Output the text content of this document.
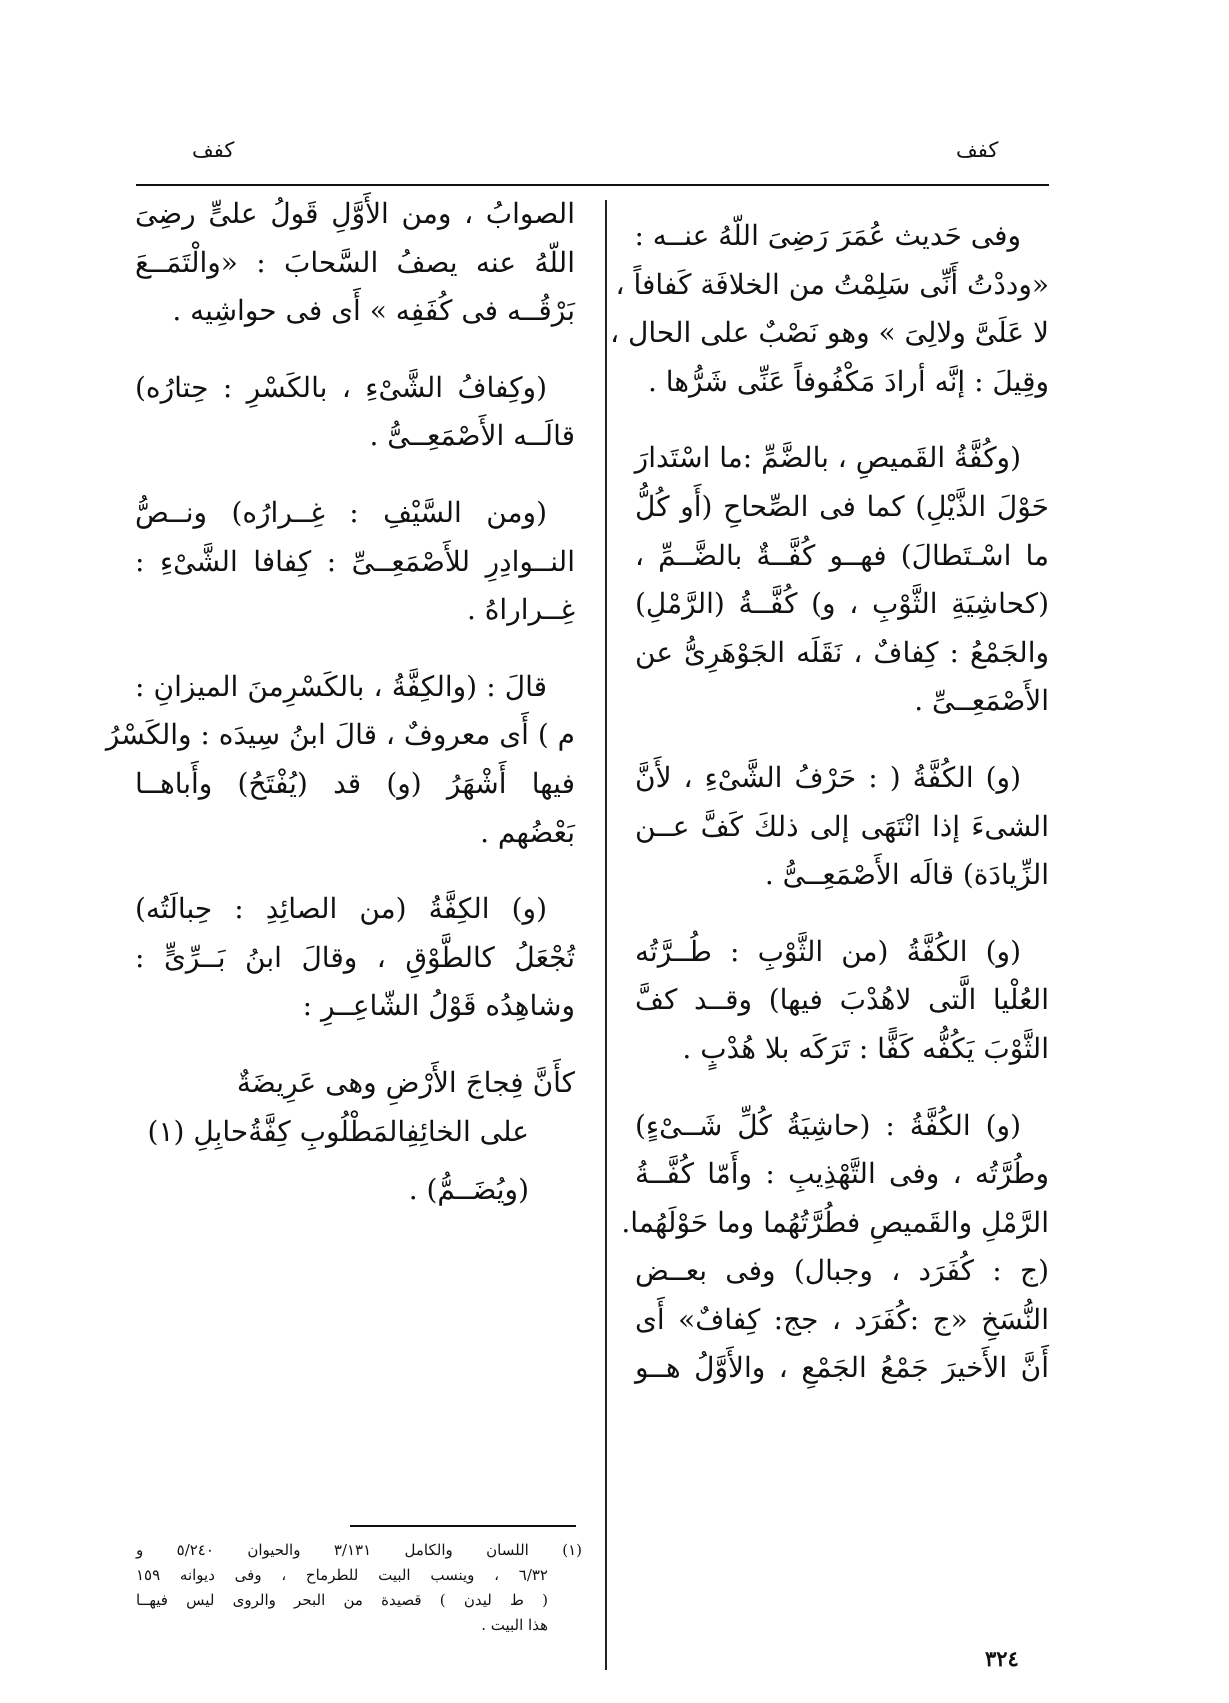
كفف
كفف

وفى حَديث عُمَرَ رَضِىَ اللّهُ عنــه :
«وددْتُ أَنِّى سَلِمْتُ من الخلافَة كَفافاً ،
لا عَلَىَّ ولالِىَ » وهو نَصْبٌ على الحال ،
وقِيلَ : إنَّه أرادَ مَكْفُوفاً عَنِّى شَرُّها .

(وكُفَّةُ القَميصِ ، بالضَّمِّ :ما اسْتَدارَ
حَوْلَ الذَّيْلِ) كما فى الصِّحاحِ (أَو كُلُّ
ما اسْـتَطالَ) فهــو كُفَّــةٌ بالضَّــمِّ ،
(كحاشِيَةِ الثَّوْبِ ، و) كُفَّــةُ (الرَّمْلِ)
والجَمْعُ : كِفافٌ ، نَقَلَه الجَوْهَرِىُّ عن
الأَصْمَعِــىِّ .

(و) الكُفَّةُ ( : حَرْفُ الشَّىْءِ ، لأَنَّ
الشىءَ إذا انْتَهَى إلى ذلكَ كَفَّ عــن
الزِّيادَة) قالَه الأَصْمَعِــىُّ .

(و) الكُفَّةُ (من الثَّوْبِ : طُــرَّتُه
العُلْيا الَّتى لاهُدْبَ فيها) وقــد كفَّ
الثَّوْبَ يَكُفُّه كَفًّا : تَرَكَه بلا هُدْبٍ .

(و) الكُفَّةُ : (حاشِيَةُ كُلِّ شَــىْءٍ)
وطُرَّتُه ، وفى التَّهْذِيبِ : وأَمّا كُفَّــةُ
الرَّمْلِ والقَميصِ فطُرَّتُهُما وما حَوْلَهُما.
(ج : كُفَرَد ، وجبال) وفى بعــض
النُّسَخِ «ج :كُفَرَد ، جج: كِفافٌ» أَى
أَنَّ الأَخيرَ جَمْعُ الجَمْعِ ، والأَوَّلُ هــو

الصوابُ ، ومن الأَوَّلِ قَولُ علىٍّ رضِىَ
اللّهُ عنه يصفُ السَّحابَ : «والْتَمَــعَ
بَرْقُــه فى كُفَفِه » أَى فى حواشِيه .

(وكِفافُ الشَّىْءِ ، بالكَسْرِ : حِتارُه)
قالَــه الأَصْمَعِــىُّ .

(ومن السَّيْفِ : غِــرارُه) ونــصُّ
النــوادِرِ للأَصْمَعِــىِّ : كِفافا الشَّىْءِ :
غِــراراهُ .

قالَ : (والكِفَّةُ ، بالكَسْرِمنَ الميزانِ :
م ) أَى معروفٌ ، قالَ ابنُ سِيدَه : والكَسْرُ
فيها أَشْهَرُ (و) قد (يُفْتَحُ) وأَباهــا
بَعْضُهم .

(و) الكِفَّةُ (من الصائِدِ : حِبالَتُه)
تُجْعَلُ كالطَّوْقِ ، وقالَ ابنُ بَــرِّىٍّ :
وشاهِدُه قَوْلُ الشّاعِــرِ :

كأَنَّ فِجاجَ الأَرْضِ وهى عَرِيضَةٌ
على الخائِفِالمَطْلُوبِ كِفَّةُحابِلِ (١)
(ويُضَــمُّ) .
(١) اللسان والكامل ٣/١٣١ والحيوان ٥/٢٤٠ و
٦/٣٢ ، وينسب البيت للطرماح ، وفى ديوانه ١٥٩
( ط ليدن ) قصيدة من البحر والروى ليس فيهــا
هذا البيت .
٣٢٤
